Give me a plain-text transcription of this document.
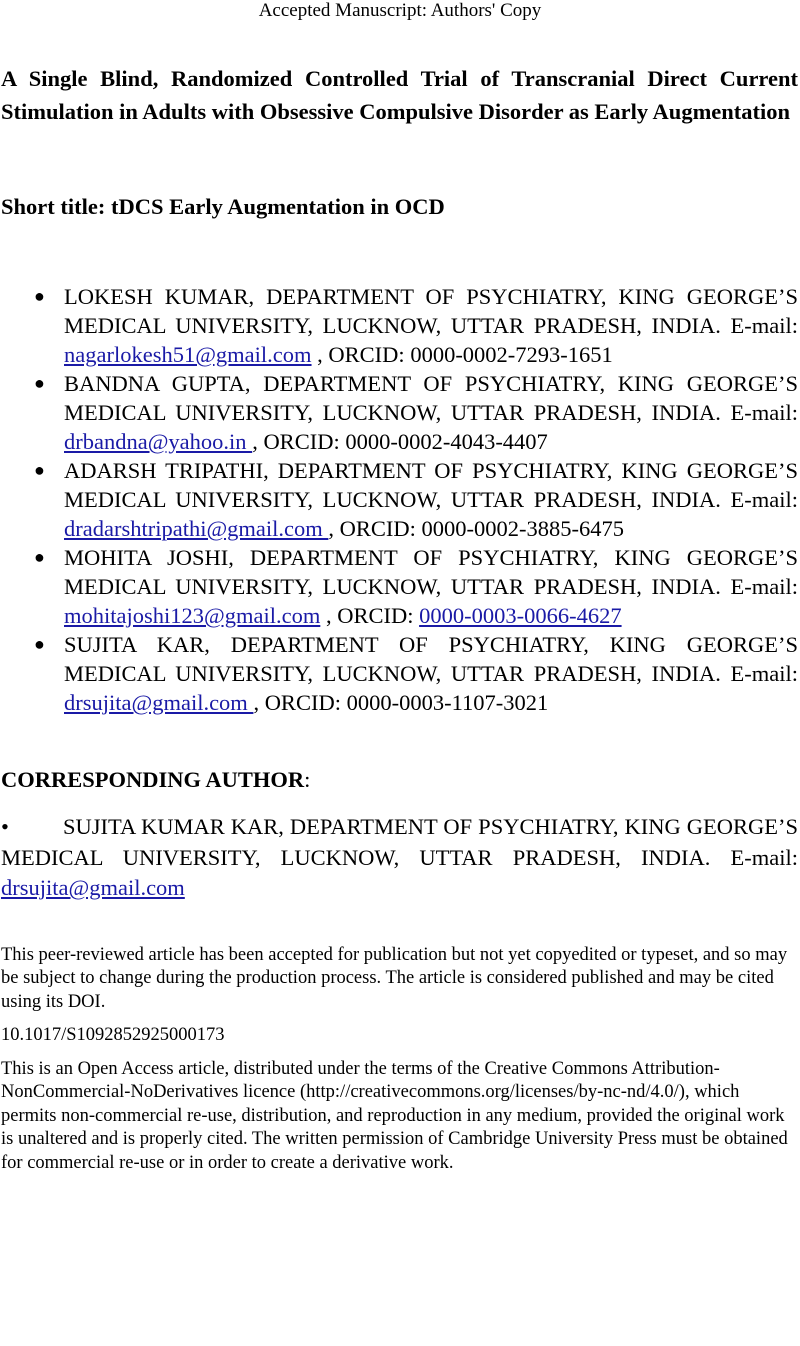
Accepted Manuscript: Authors' Copy
A Single Blind, Randomized Controlled Trial of Transcranial Direct Current Stimulation in Adults with Obsessive Compulsive Disorder as Early Augmentation
Short title: tDCS Early Augmentation in OCD
● LOKESH KUMAR, DEPARTMENT OF PSYCHIATRY, KING GEORGE’S MEDICAL UNIVERSITY, LUCKNOW, UTTAR PRADESH, INDIA. E-mail: nagarlokesh51@gmail.com , ORCID: 0000-0002-7293-1651
● BANDNA GUPTA, DEPARTMENT OF PSYCHIATRY, KING GEORGE’S MEDICAL UNIVERSITY, LUCKNOW, UTTAR PRADESH, INDIA. E-mail: drbandna@yahoo.in , ORCID: 0000-0002-4043-4407
● ADARSH TRIPATHI, DEPARTMENT OF PSYCHIATRY, KING GEORGE’S MEDICAL UNIVERSITY, LUCKNOW, UTTAR PRADESH, INDIA. E-mail: dradarshtripathi@gmail.com , ORCID: 0000-0002-3885-6475
● MOHITA JOSHI, DEPARTMENT OF PSYCHIATRY, KING GEORGE’S MEDICAL UNIVERSITY, LUCKNOW, UTTAR PRADESH, INDIA. E-mail: mohitajoshi123@gmail.com , ORCID: 0000-0003-0066-4627
● SUJITA KAR, DEPARTMENT OF PSYCHIATRY, KING GEORGE’S MEDICAL UNIVERSITY, LUCKNOW, UTTAR PRADESH, INDIA. E-mail: drsujita@gmail.com , ORCID: 0000-0003-1107-3021
CORRESPONDING AUTHOR:
• SUJITA KUMAR KAR, DEPARTMENT OF PSYCHIATRY, KING GEORGE’S MEDICAL UNIVERSITY, LUCKNOW, UTTAR PRADESH, INDIA. E-mail: drsujita@gmail.com

This peer-reviewed article has been accepted for publication but not yet copyedited or typeset, and so may be subject to change during the production process. The article is considered published and may be cited using its DOI.

10.1017/S1092852925000173

This is an Open Access article, distributed under the terms of the Creative Commons Attribution-NonCommercial-NoDerivatives licence (http://creativecommons.org/licenses/by-nc-nd/4.0/), which permits non-commercial re-use, distribution, and reproduction in any medium, provided the original work is unaltered and is properly cited. The written permission of Cambridge University Press must be obtained for commercial re-use or in order to create a derivative work.
